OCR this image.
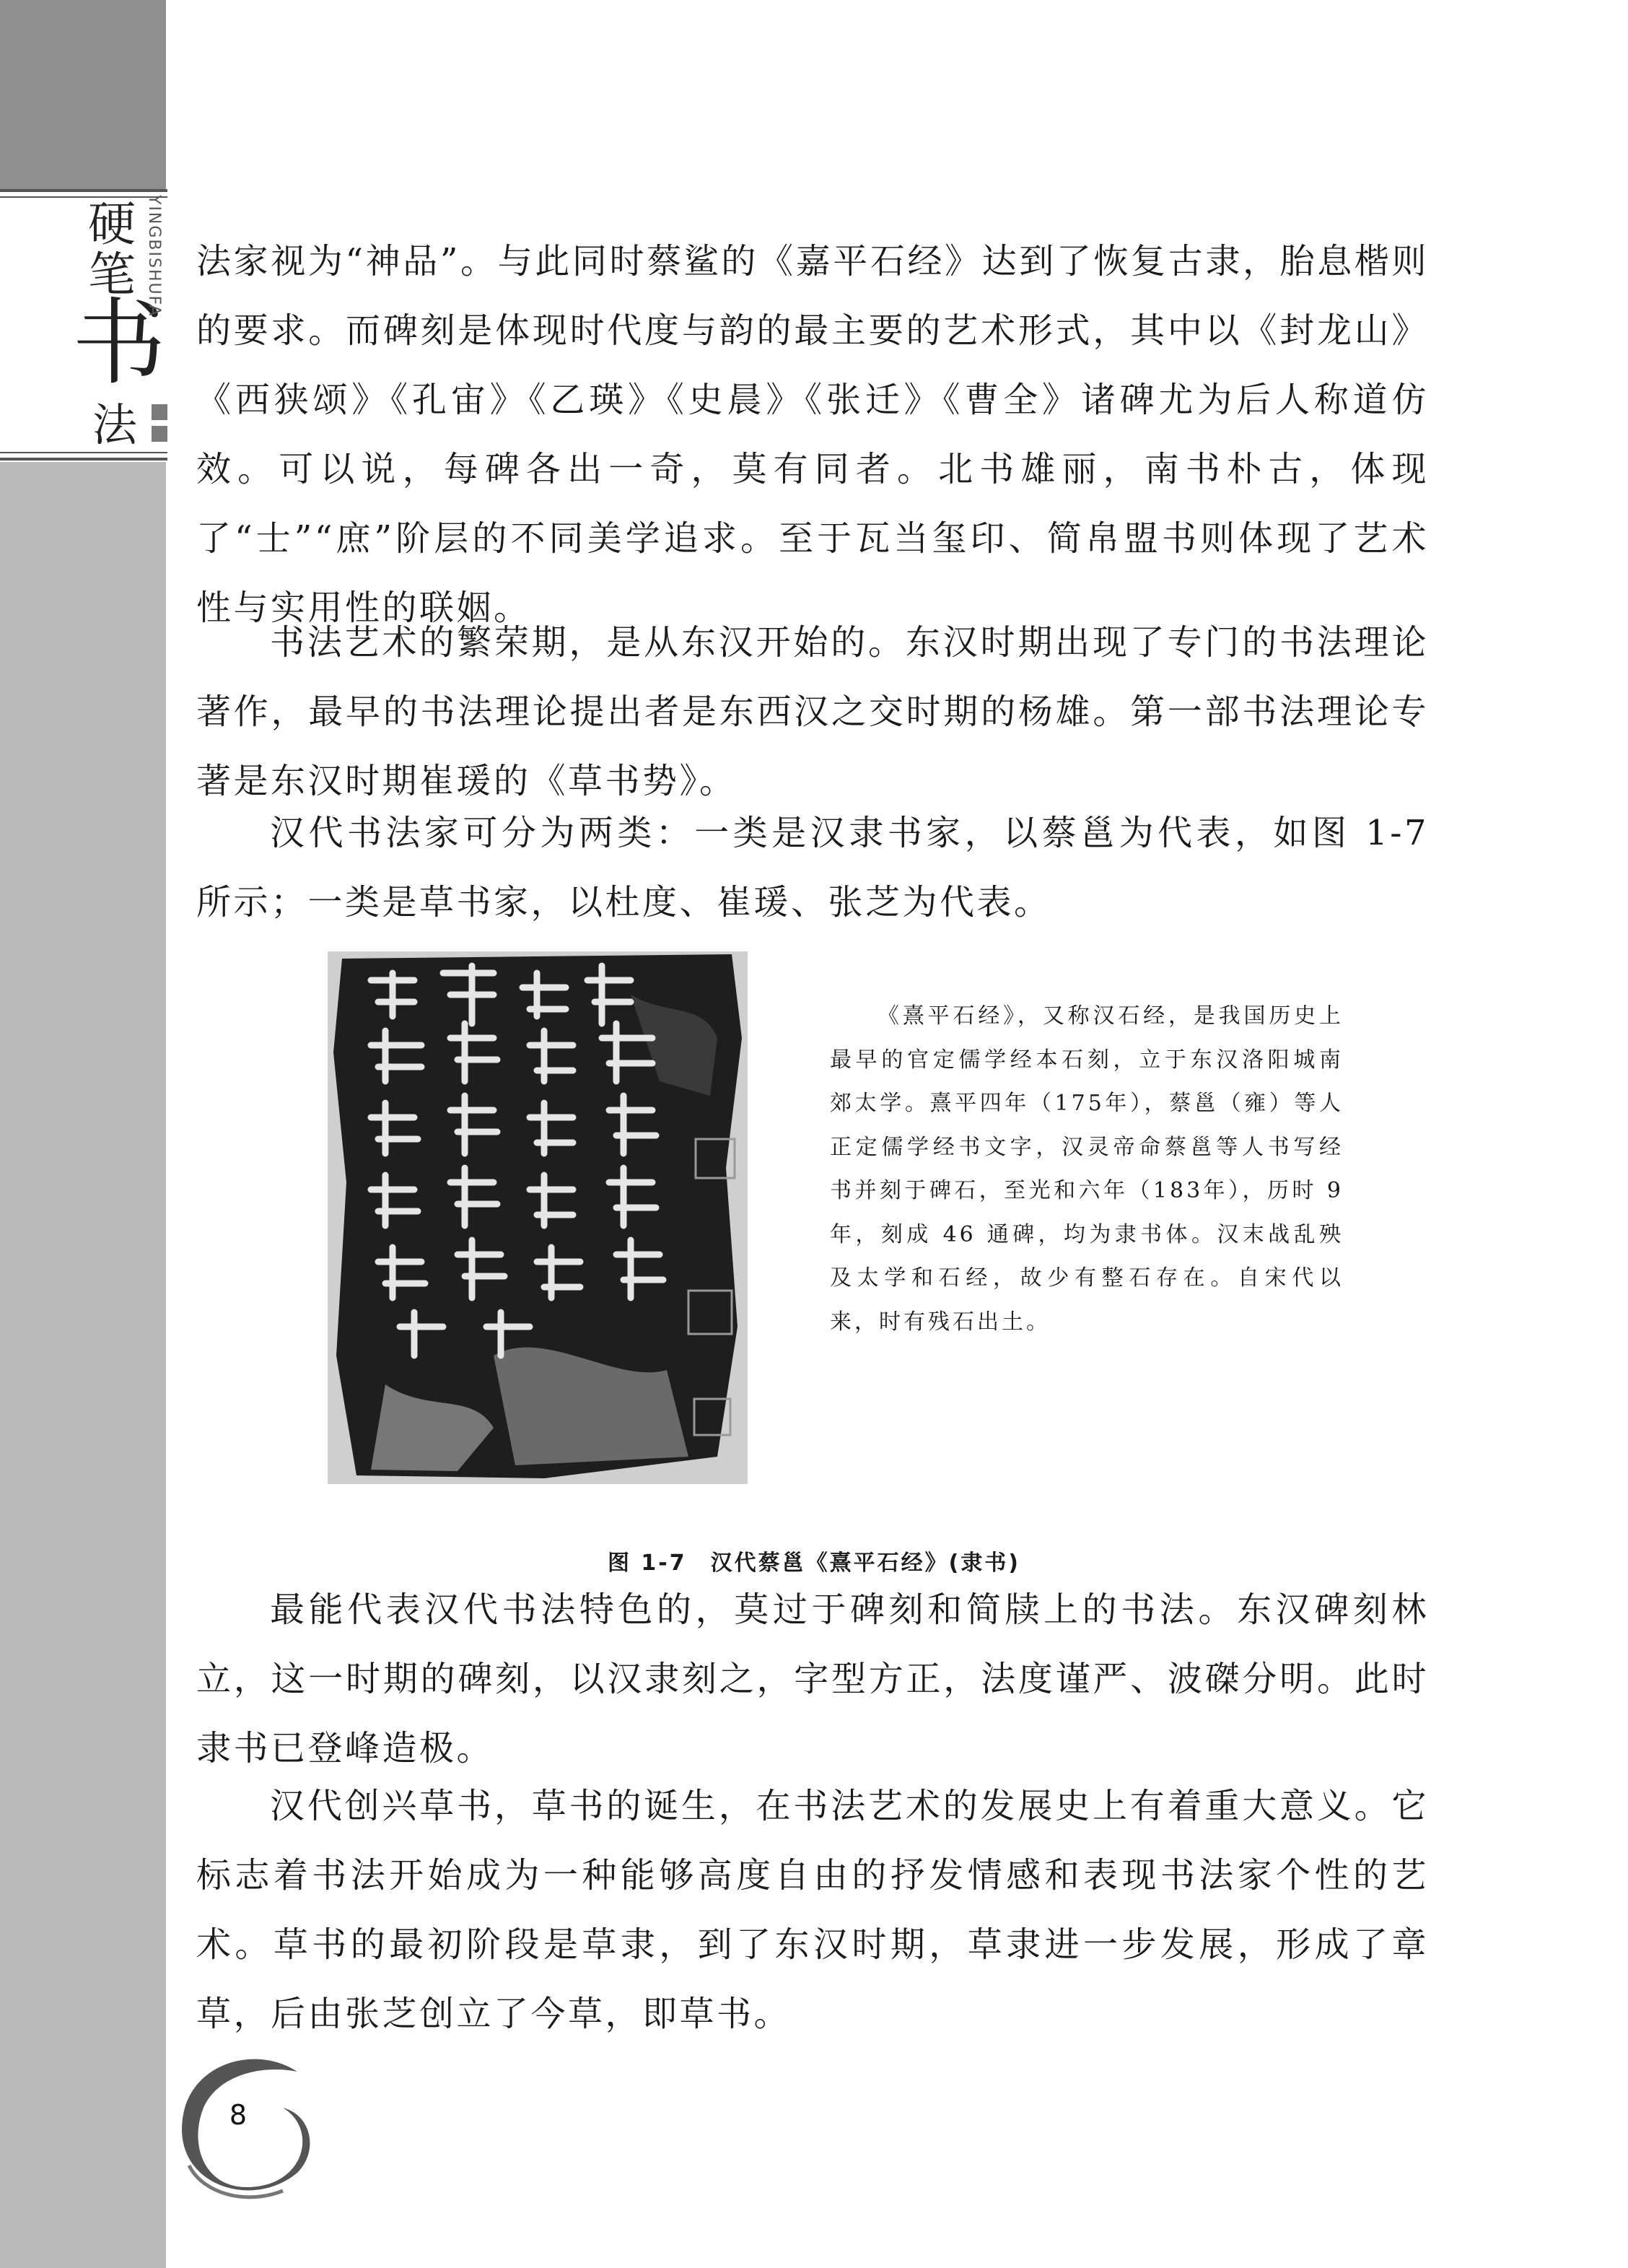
硬
笔
书
法
YINGBISHUFA 法家视为“神品”。与此同时蔡鲨的《嘉平石经》达到了恢复古隶，胎息楷则的要求。而碑刻是体现时代度与韵的最主要的艺术形式，其中以《封龙山》《西狭颂》《孔宙》《乙瑛》《史晨》《张迁》《曹全》诸碑尤为后人称道仿效。可以说，每碑各出一奇，莫有同者。北书雄丽，南书朴古，体现了“士”“庶”阶层的不同美学追求。至于瓦当玺印、简帛盟书则体现了艺术性与实用性的联姻。

书法艺术的繁荣期，是从东汉开始的。东汉时期出现了专门的书法理论著作，最早的书法理论提出者是东西汉之交时期的杨雄。第一部书法理论专著是东汉时期崔瑗的《草书势》。

汉代书法家可分为两类：一类是汉隶书家，以蔡邕为代表，如图 1-7 所示；一类是草书家，以杜度、崔瑗、张芝为代表。

《熹平石经》，又称汉石经，是我国历史上最早的官定儒学经本石刻，立于东汉洛阳城南郊太学。熹平四年（175年），蔡邕（雍）等人正定儒学经书文字，汉灵帝命蔡邕等人书写经书并刻于碑石，至光和六年（183年），历时 9 年，刻成 46 通碑，均为隶书体。汉末战乱殃及太学和石经，故少有整石存在。自宋代以来，时有残石出土。

图 1-7　汉代蔡邕《熹平石经》(隶书)

最能代表汉代书法特色的，莫过于碑刻和简牍上的书法。东汉碑刻林立，这一时期的碑刻，以汉隶刻之，字型方正，法度谨严、波磔分明。此时隶书已登峰造极。

汉代创兴草书，草书的诞生，在书法艺术的发展史上有着重大意义。它标志着书法开始成为一种能够高度自由的抒发情感和表现书法家个性的艺术。草书的最初阶段是草隶，到了东汉时期，草隶进一步发展，形成了章草，后由张芝创立了今草，即草书。

8
